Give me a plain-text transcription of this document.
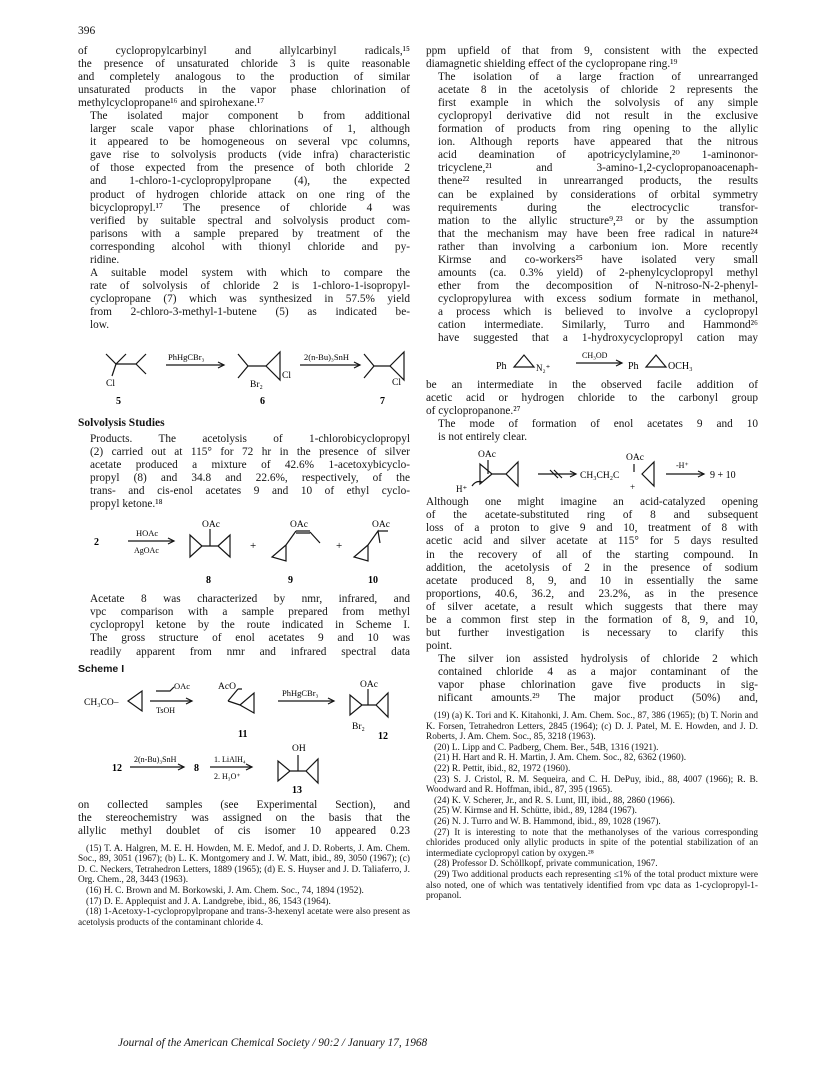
396

of cyclopropylcarbinyl and allylcarbinyl radicals,¹⁵
the presence of unsaturated chloride 3 is quite reasonable
and completely analogous to the production of similar
unsaturated products in the vapor phase chlorination of
methylcyclopropane¹⁶ and spirohexane.¹⁷

The isolated major component b from additional
larger scale vapor phase chlorinations of 1, although
it appeared to be homogeneous on several vpc columns,
gave rise to solvolysis products (vide infra) characteristic
of those expected from the presence of both chloride 2
and 1-chloro-1-cyclopropylpropane (4), the expected
product of hydrogen chloride attack on one ring of the
bicyclopropyl.¹⁷ The presence of chloride 4 was
verified by suitable spectral and solvolysis product com-
parisons with a sample prepared by treatment of the
corresponding alcohol with thionyl chloride and py-
ridine.

A suitable model system with which to compare the
rate of solvolysis of chloride 2 is 1-chloro-1-isopropyl-
cyclopropane (7) which was synthesized in 57.5% yield
from 2-chloro-3-methyl-1-butene (5) as indicated be-
low.

PhHgCBr₃	2(n-Bu)₃SnH
Cl	Br₂
Cl
Cl
5	6	7
Solvolysis Studies

Products. The acetolysis of 1-chlorobicyclopropyl
(2) carried out at 115° for 72 hr in the presence of silver
acetate produced a mixture of 42.6% 1-acetoxybicyclo-
propyl (8) and 34.8 and 22.6%, respectively, of the
trans- and cis-enol acetates 9 and 10 of ethyl cyclo-
propyl ketone.¹⁸

2
HOAc
AgOAc
OAc
+
OAc
+
OAc
8	9	10

Acetate 8 was characterized by nmr, infrared, and
vpc comparison with a sample prepared from methyl
cyclopropyl ketone by the route indicated in Scheme I.
The gross structure of enol acetates 9 and 10 was
readily apparent from nmr and infrared spectral data

Scheme I
CH₃CO–
OAc
TsOH
AcO
PhHgCBr₃
OAc
Br₂
11	12
12
2(n-Bu)₃SnH
8
1. LiAlH₄
2. H₃O⁺
OH
13

on collected samples (see Experimental Section), and
the stereochemistry was assigned on the basis that the
allylic methyl doublet of cis isomer 10 appeared 0.23

(15) T. A. Halgren, M. E. H. Howden, M. E. Medof, and J. D. Roberts, J. Am. Chem. Soc., 89, 3051 (1967); (b) L. K. Montgomery and J. W. Matt, ibid., 89, 3050 (1967); (c) D. C. Neckers, Tetrahedron Letters, 1889 (1965); (d) E. S. Huyser and J. D. Taliaferro, J. Org. Chem., 28, 3443 (1963).

(16) H. C. Brown and M. Borkowski, J. Am. Chem. Soc., 74, 1894 (1952).

(17) D. E. Applequist and J. A. Landgrebe, ibid., 86, 1543 (1964).

(18) 1-Acetoxy-1-cyclopropylpropane and trans-3-hexenyl acetate were also present as acetolysis products of the contaminant chloride 4.

ppm upfield of that from 9, consistent with the expected
diamagnetic shielding effect of the cyclopropane ring.¹⁹

The isolation of a large fraction of unrearranged
acetate 8 in the acetolysis of chloride 2 represents the
first example in which the solvolysis of any simple
cyclopropyl derivative did not result in the exclusive
formation of products from ring opening to the allylic
ion. Although reports have appeared that the nitrous
acid deamination of apotricyclylamine,²⁰ 1-aminonor-
tricyclene,²¹ and 3-amino-1,2-cyclopropanoacenaph-
thene²² resulted in unrearranged products, the results
can be explained by considerations of orbital symmetry
requirements during the electrocyclic transfor-
mation to the allylic structure⁹,²³ or by the assumption
that the mechanism may have been free radical in nature²⁴
rather than involving a carbonium ion. More recently
Kirmse and co-workers²⁵ have isolated very small
amounts (ca. 0.3% yield) of 2-phenylcyclopropyl methyl
ether from the decomposition of N-nitroso-N-2-phenyl-
cyclopropylurea with excess sodium formate in methanol,
a process which is believed to involve a cyclopropyl
cation intermediate. Similarly, Turro and Hammond²⁶
have suggested that a 1-hydroxycyclopropyl cation may

Ph	N₂⁺
CH₃OD
Ph	OCH₃

be an intermediate in the observed facile addition of
acetic acid or hydrogen chloride to the carbonyl group
of cyclopropanone.²⁷

The mode of formation of enol acetates 9 and 10
is not entirely clear.

OAc
H⁺
CH₃CH₂C
OAc
+
-H⁺
9 + 10

Although one might imagine an acid-catalyzed opening
of the acetate-substituted ring of 8 and subsequent
loss of a proton to give 9 and 10, treatment of 8 with
acetic acid and silver acetate at 115° for 5 days resulted
in the recovery of all of the starting compound. In
addition, the acetolysis of 2 in the presence of sodium
acetate produced 8, 9, and 10 in essentially the same
proportions, 40.6, 36.2, and 23.2%, as in the presence
of silver acetate, a result which suggests that there may
be a common first step in the formation of 8, 9, and 10,
but further investigation is necessary to clarify this
point.

The silver ion assisted hydrolysis of chloride 2 which
contained chloride 4 as a major contaminant of the
vapor phase chlorination gave five products in sig-
nificant amounts.²⁹ The major product (50%) and,

(19) (a) K. Tori and K. Kitahonki, J. Am. Chem. Soc., 87, 386 (1965); (b) T. Norin and K. Forsen, Tetrahedron Letters, 2845 (1964); (c) D. J. Patel, M. E. Howden, and J. D. Roberts, J. Am. Chem. Soc., 85, 3218 (1963).

(20) L. Lipp and C. Padberg, Chem. Ber., 54B, 1316 (1921).

(21) H. Hart and R. H. Martin, J. Am. Chem. Soc., 82, 6362 (1960).

(22) R. Pettit, ibid., 82, 1972 (1960).

(23) S. J. Cristol, R. M. Sequeira, and C. H. DePuy, ibid., 88, 4007 (1966); R. B. Woodward and R. Hoffman, ibid., 87, 395 (1965).

(24) K. V. Scherer, Jr., and R. S. Lunt, III, ibid., 88, 2860 (1966).

(25) W. Kirmse and H. Schütte, ibid., 89, 1284 (1967).

(26) N. J. Turro and W. B. Hammond, ibid., 89, 1028 (1967).

(27) It is interesting to note that the methanolyses of the various corresponding chlorides produced only allylic products in spite of the potential stabilization of an intermediate cyclopropyl cation by oxygen.²⁸

(28) Professor D. Schöllkopf, private communication, 1967.

(29) Two additional products each representing ≤1% of the total product mixture were also noted, one of which was tentatively identified from vpc data as 1-cyclopropyl-1-propanol.

Journal of the American Chemical Society / 90:2 / January 17, 1968
